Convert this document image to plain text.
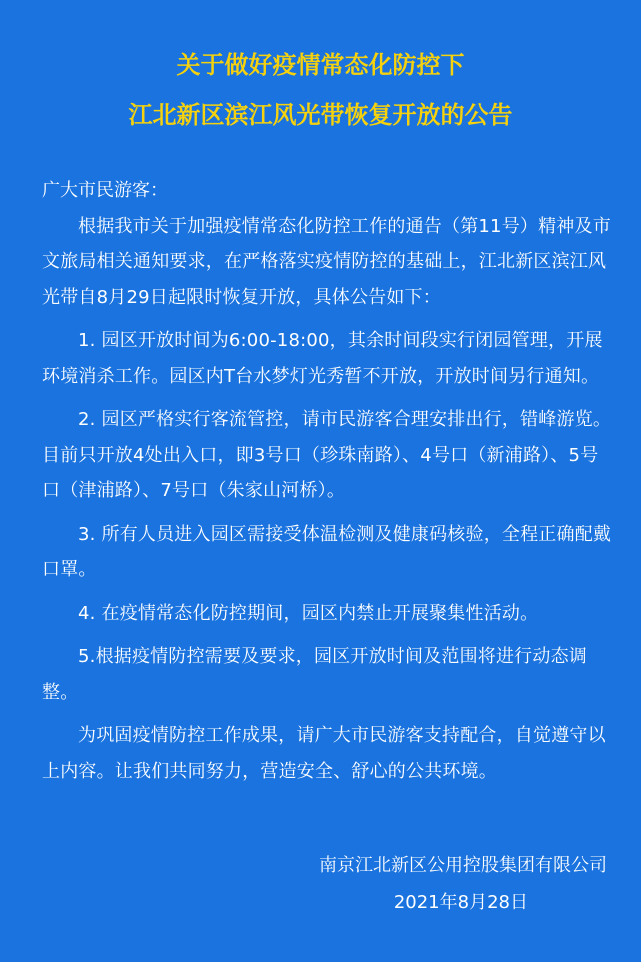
关于做好疫情常态化防控下
江北新区滨江风光带恢复开放的公告

广大市民游客：

根据我市关于加强疫情常态化防控工作的通告（第11号）精神及市文旅局相关通知要求，在严格落实疫情防控的基础上，江北新区滨江风光带自8月29日起限时恢复开放，具体公告如下：

1. 园区开放时间为6:00-18:00，其余时间段实行闭园管理，开展环境消杀工作。园区内T台水梦灯光秀暂不开放，开放时间另行通知。

2. 园区严格实行客流管控，请市民游客合理安排出行，错峰游览。目前只开放4处出入口，即3号口（珍珠南路）、4号口（新浦路）、5号口（津浦路）、7号口（朱家山河桥）。

3. 所有人员进入园区需接受体温检测及健康码核验，全程正确配戴口罩。

4. 在疫情常态化防控期间，园区内禁止开展聚集性活动。

5.根据疫情防控需要及要求，园区开放时间及范围将进行动态调整。

为巩固疫情防控工作成果，请广大市民游客支持配合，自觉遵守以上内容。让我们共同努力，营造安全、舒心的公共环境。

南京江北新区公用控股集团有限公司
2021年8月28日
